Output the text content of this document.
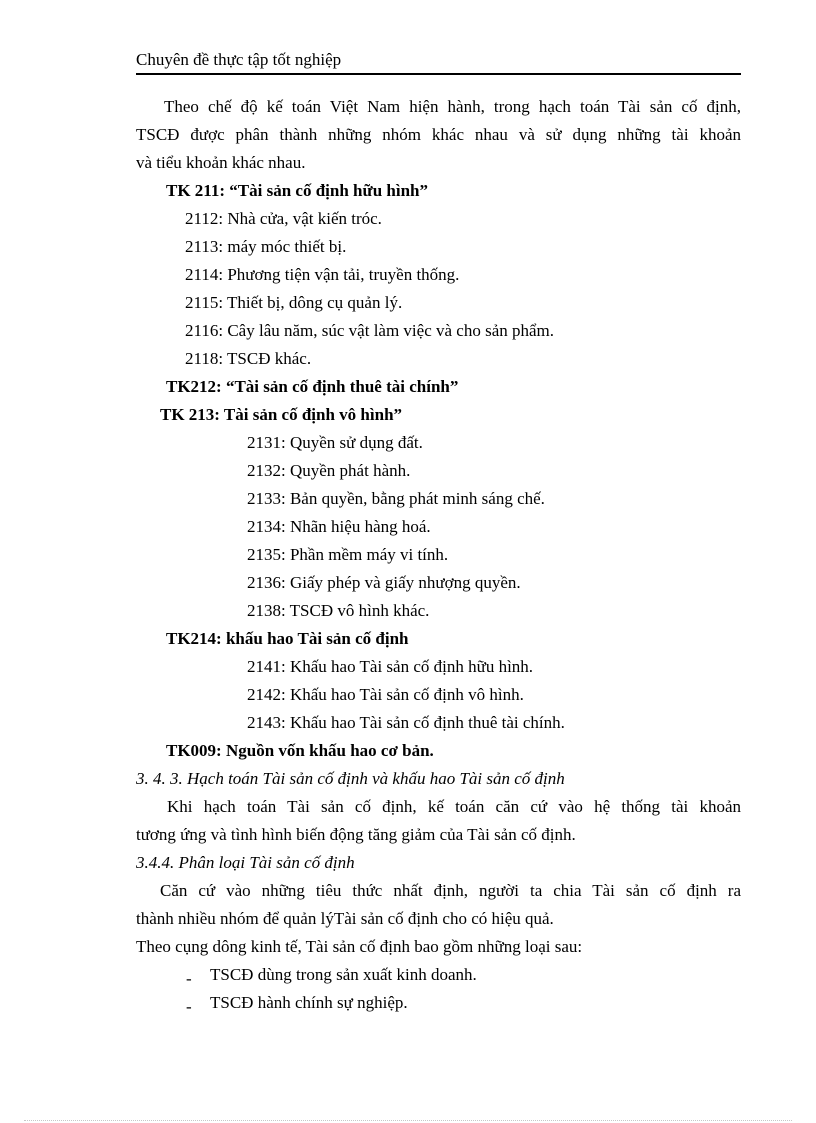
Chuyên đề thực tập tốt nghiệp
Theo chế độ kế toán Việt Nam hiện hành, trong hạch toán Tài sản cố định,
TSCĐ được phân thành những nhóm khác nhau và sử dụng những tài khoản
và tiểu khoản khác nhau.
TK 211: “Tài sản cố định hữu hình”
2112: Nhà cửa, vật kiến tróc.
2113: máy móc thiết bị.
2114: Phương tiện vận tải, truyền thống.
2115: Thiết bị, dông cụ quản lý.
2116: Cây lâu năm, súc vật làm việc và cho sản phẩm.
2118: TSCĐ khác.
TK212: “Tài sản cố định thuê tài chính”
TK 213: Tài sản cố định vô hình”
2131: Quyền sử dụng đất.
2132: Quyền phát hành.
2133: Bản quyền, bằng phát minh sáng chế.
2134: Nhãn hiệu hàng hoá.
2135: Phần mềm máy vi tính.
2136: Giấy phép và giấy nhượng quyền.
2138: TSCĐ vô hình khác.
TK214: khấu hao Tài sản cố định
2141: Khấu hao Tài sản cố định hữu hình.
2142: Khấu hao Tài sản cố định vô hình.
2143: Khấu hao Tài sản cố định thuê tài chính.
TK009: Nguồn vốn khấu hao cơ bản.
3. 4. 3. Hạch toán Tài sản cố định và khấu hao Tài sản cố định
Khi hạch toán Tài sản cố định, kế toán căn cứ vào hệ thống tài khoản
tương ứng và tình hình biến động tăng giảm của Tài sản cố định.
3.4.4. Phân loại Tài sản cố định
Căn cứ vào những tiêu thức nhất định, người ta chia Tài sản cố định ra
thành nhiều nhóm để quản lýTài sản cố định cho có hiệu quả.
Theo cụng dông kinh tế, Tài sản cố định bao gồm những loại sau:
- TSCĐ dùng trong sản xuất kinh doanh.
- TSCĐ hành chính sự nghiệp.
